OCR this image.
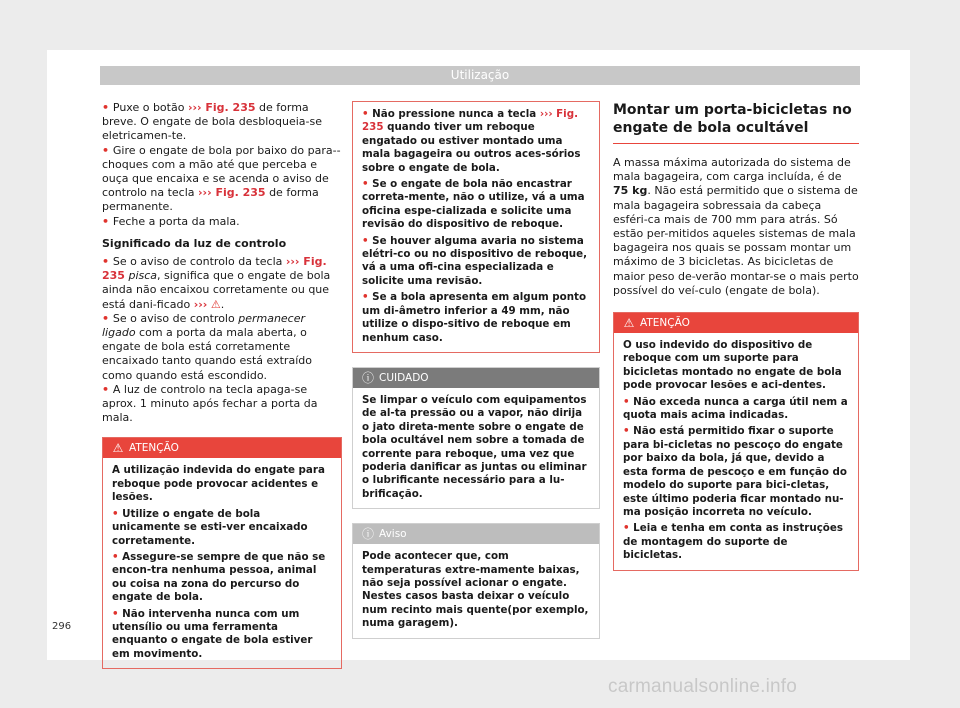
Utilização

• Puxe o botão ››› Fig. 235 de forma breve. O engate de bola desbloqueia-se eletricamen-te.

• Gire o engate de bola por baixo do para--choques com a mão até que perceba e ouça que encaixa e se acenda o aviso de controlo na tecla ››› Fig. 235 de forma permanente.

• Feche a porta da mala.

Significado da luz de controlo

• Se o aviso de controlo da tecla ››› Fig. 235 pisca, significa que o engate de bola ainda não encaixou corretamente ou que está dani-ficado ››› ⚠.

• Se o aviso de controlo permanecer ligado com a porta da mala aberta, o engate de bola está corretamente encaixado tanto quando está extraído como quando está escondido.

• A luz de controlo na tecla apaga-se aprox. 1 minuto após fechar a porta da mala.

⚠ ATENÇÃO

A utilização indevida do engate para reboque pode provocar acidentes e lesões.

• Utilize o engate de bola unicamente se esti-ver encaixado corretamente.

• Assegure-se sempre de que não se encon-tra nenhuma pessoa, animal ou coisa na zona do percurso do engate de bola.

• Não intervenha nunca com um utensílio ou uma ferramenta enquanto o engate de bola estiver em movimento.

• Não pressione nunca a tecla ››› Fig. 235 quando tiver um reboque engatado ou estiver montado uma mala bagageira ou outros aces-sórios sobre o engate de bola.

• Se o engate de bola não encastrar correta-mente, não o utilize, vá a uma oficina espe-cializada e solicite uma revisão do dispositivo de reboque.

• Se houver alguma avaria no sistema elétri-co ou no dispositivo de reboque, vá a uma ofi-cina especializada e solicite uma revisão.

• Se a bola apresenta em algum ponto um di-âmetro inferior a 49 mm, não utilize o dispo-sitivo de reboque em nenhum caso.

ⓘ CUIDADO
Se limpar o veículo com equipamentos de al-ta pressão ou a vapor, não dirija o jato direta-mente sobre o engate de bola ocultável nem sobre a tomada de corrente para reboque, uma vez que poderia danificar as juntas ou eliminar o lubrificante necessário para a lu-brificação.
ⓘ Aviso
Pode acontecer que, com temperaturas extre-mamente baixas, não seja possível acionar o engate. Nestes casos basta deixar o veículo num recinto mais quente(por exemplo, numa garagem).
Montar um porta-bicicletas no engate de bola ocultável

A massa máxima autorizada do sistema de mala bagageira, com carga incluída, é de 75 kg. Não está permitido que o sistema de mala bagageira sobressaia da cabeça esféri-ca mais de 700 mm para atrás. Só estão per-mitidos aqueles sistemas de mala bagageira nos quais se possam montar um máximo de 3 bicicletas. As bicicletas de maior peso de-verão montar-se o mais perto possível do veí-culo (engate de bola).

⚠ ATENÇÃO

O uso indevido do dispositivo de reboque com um suporte para bicicletas montado no engate de bola pode provocar lesões e aci-dentes.

• Não exceda nunca a carga útil nem a quota mais acima indicadas.

• Não está permitido fixar o suporte para bi-cicletas no pescoço do engate por baixo da bola, já que, devido a esta forma de pescoço e em função do modelo do suporte para bici-cletas, este último poderia ficar montado nu-ma posição incorreta no veículo.

• Leia e tenha em conta as instruções de montagem do suporte de bicicletas.

296
carmanualsonline.info
